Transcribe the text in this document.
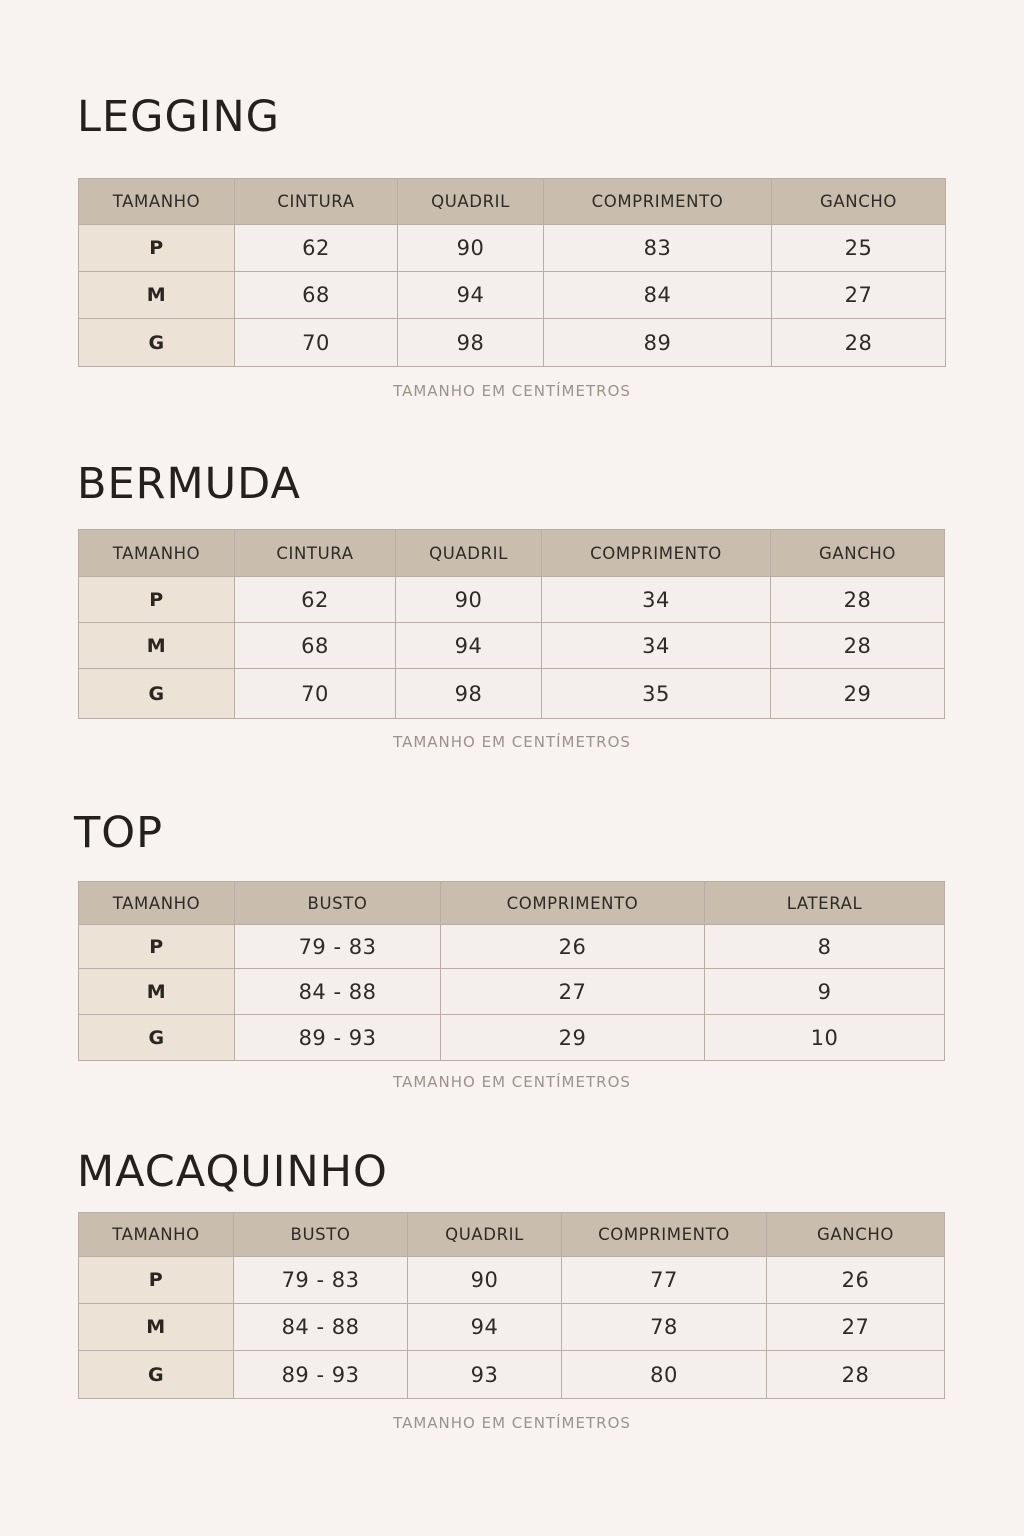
LEGGING
TAMANHO	CINTURA	QUADRIL	COMPRIMENTO	GANCHO
P	62	90	83	25
M	68	94	84	27
G	70	98	89	28

TAMANHO EM CENTÍMETROS

BERMUDA
TAMANHO	CINTURA	QUADRIL	COMPRIMENTO	GANCHO
P	62	90	34	28
M	68	94	34	28
G	70	98	35	29

TAMANHO EM CENTÍMETROS

TOP
TAMANHO	BUSTO	COMPRIMENTO	LATERAL
P	79 - 83	26	8
M	84 - 88	27	9
G	89 - 93	29	10

TAMANHO EM CENTÍMETROS

MACAQUINHO
TAMANHO	BUSTO	QUADRIL	COMPRIMENTO	GANCHO
P	79 - 83	90	77	26
M	84 - 88	94	78	27
G	89 - 93	93	80	28

TAMANHO EM CENTÍMETROS
